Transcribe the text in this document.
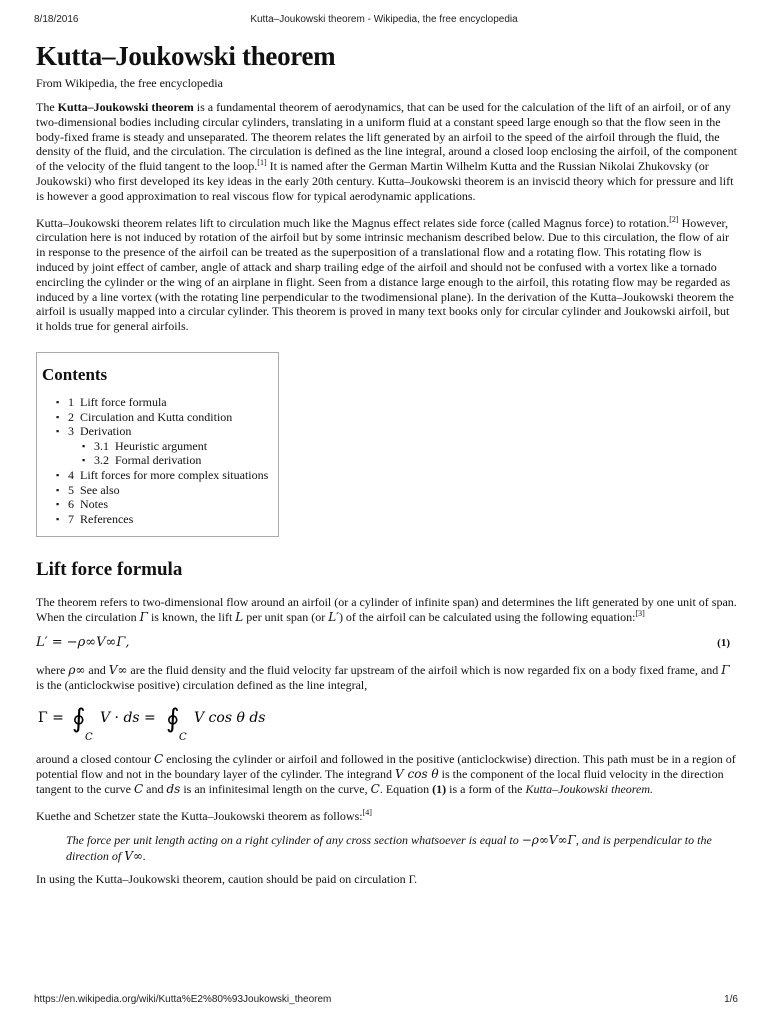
8/18/2016	Kutta–Joukowski theorem - Wikipedia, the free encyclopedia
Kutta–Joukowski theorem
From Wikipedia, the free encyclopedia

The Kutta–Joukowski theorem is a fundamental theorem of aerodynamics, that can be used for the calculation of the lift of an airfoil, or of any two-dimensional bodies including circular cylinders, translating in a uniform fluid at a constant speed large enough so that the flow seen in the body-fixed frame is steady and unseparated. The theorem relates the lift generated by an airfoil to the speed of the airfoil through the fluid, the density of the fluid, and the circulation. The circulation is defined as the line integral, around a closed loop enclosing the airfoil, of the component of the velocity of the fluid tangent to the loop.[1] It is named after the German Martin Wilhelm Kutta and the Russian Nikolai Zhukovsky (or Joukowski) who first developed its key ideas in the early 20th century. Kutta–Joukowski theorem is an inviscid theory which for pressure and lift is however a good approximation to real viscous flow for typical aerodynamic applications.

Kutta–Joukowski theorem relates lift to circulation much like the Magnus effect relates side force (called Magnus force) to rotation.[2] However, circulation here is not induced by rotation of the airfoil but by some intrinsic mechanism described below. Due to this circulation, the flow of air in response to the presence of the airfoil can be treated as the superposition of a translational flow and a rotating flow. This rotating flow is induced by joint effect of camber, angle of attack and sharp trailing edge of the airfoil and should not be confused with a vortex like a tornado encircling the cylinder or the wing of an airplane in flight. Seen from a distance large enough to the airfoil, this rotating flow may be regarded as induced by a line vortex (with the rotating line perpendicular to the twodimensional plane). In the derivation of the Kutta–Joukowski theorem the airfoil is usually mapped into a circular cylinder. This theorem is proved in many text books only for circular cylinder and Joukowski airfoil, but it holds true for general airfoils.

Contents
▪ 1 Lift force formula
▪ 2 Circulation and Kutta condition
▪ 3 Derivation
▪ 3.1 Heuristic argument
▪ 3.2 Formal derivation
▪ 4 Lift forces for more complex situations
▪ 5 See also
▪ 6 Notes
▪ 7 References
Lift force formula

The theorem refers to two-dimensional flow around an airfoil (or a cylinder of infinite span) and determines the lift generated by one unit of span. When the circulation Γ is known, the lift L per unit span (or L′) of the airfoil can be calculated using the following equation:[3]

L′ = −ρ∞V∞Γ,	(1)

where ρ∞ and V∞ are the fluid density and the fluid velocity far upstream of the airfoil which is now regarded fix on a body fixed frame, and Γ is the (anticlockwise positive) circulation defined as the line integral,

Γ = ∮
C
V · ds = ∮
C
V cos θ ds

around a closed contour C enclosing the cylinder or airfoil and followed in the positive (anticlockwise) direction. This path must be in a region of potential flow and not in the boundary layer of the cylinder. The integrand V cos θ is the component of the local fluid velocity in the direction tangent to the curve C and ds is an infinitesimal length on the curve, C. Equation (1) is a form of the Kutta–Joukowski theorem.

Kuethe and Schetzer state the Kutta–Joukowski theorem as follows:[4]

The force per unit length acting on a right cylinder of any cross section whatsoever is equal to −ρ∞V∞Γ, and is perpendicular to the direction of V∞.

In using the Kutta–Joukowski theorem, caution should be paid on circulation Γ.

https://en.wikipedia.org/wiki/Kutta%E2%80%93Joukowski_theorem	1/6
